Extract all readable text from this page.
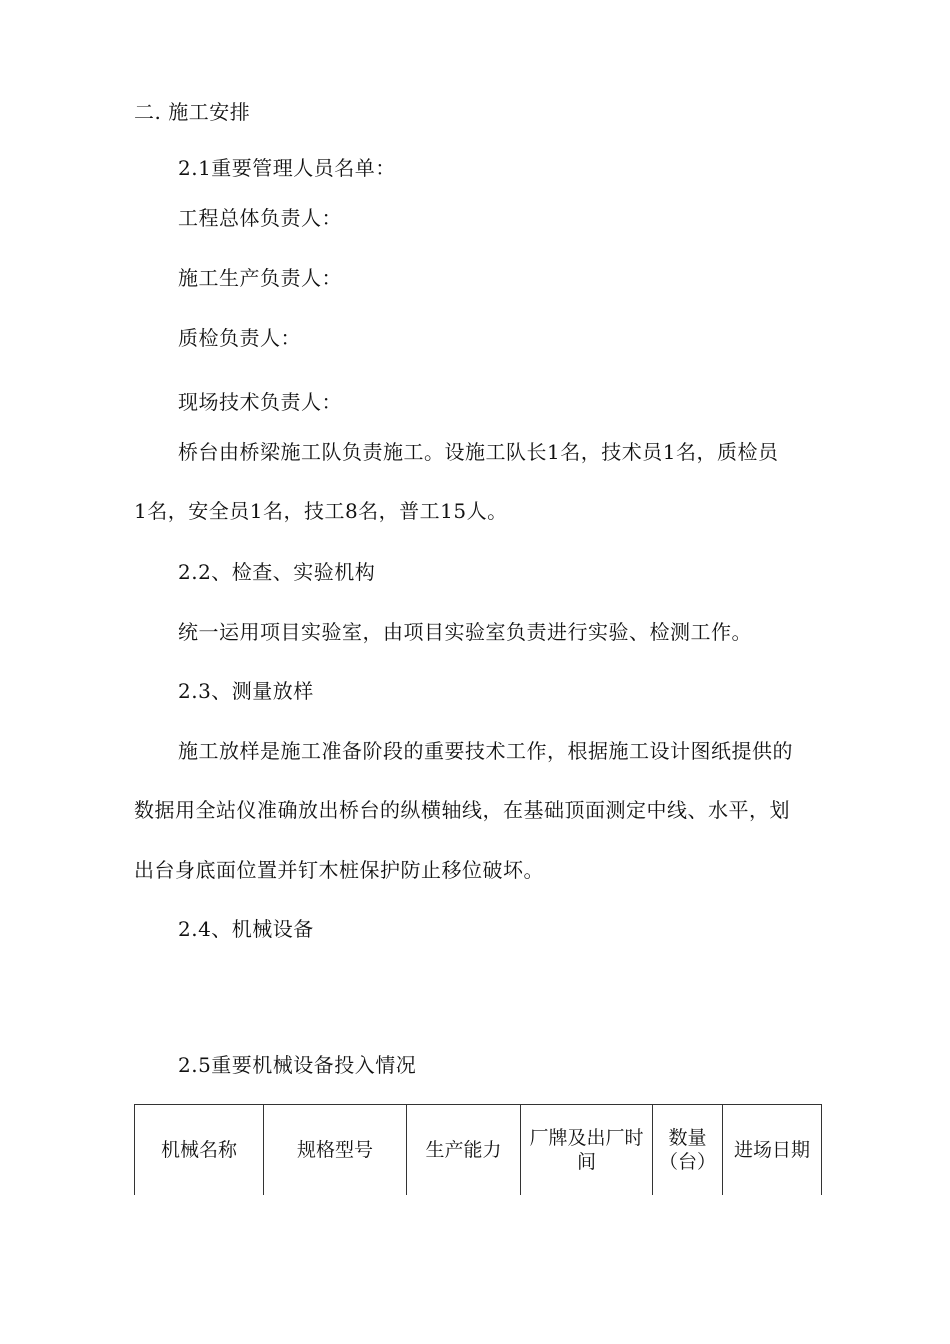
二. 施工安排
2.1重要管理人员名单：
工程总体负责人：
施工生产负责人：
质检负责人：
现场技术负责人：
桥台由桥梁施工队负责施工。设施工队长1名，技术员1名，质检员
1名，安全员1名，技工8名，普工15人。
2.2、检查、实验机构
统一运用项目实验室，由项目实验室负责进行实验、检测工作。
2.3、测量放样
施工放样是施工准备阶段的重要技术工作，根据施工设计图纸提供的
数据用全站仪准确放出桥台的纵横轴线，在基础顶面测定中线、水平，划
出台身底面位置并钉木桩保护防止移位破坏。
2.4、机械设备
2.5重要机械设备投入情况
机械名称	规格型号	生产能力	厂牌及出厂时间	数量（台）	进场日期
